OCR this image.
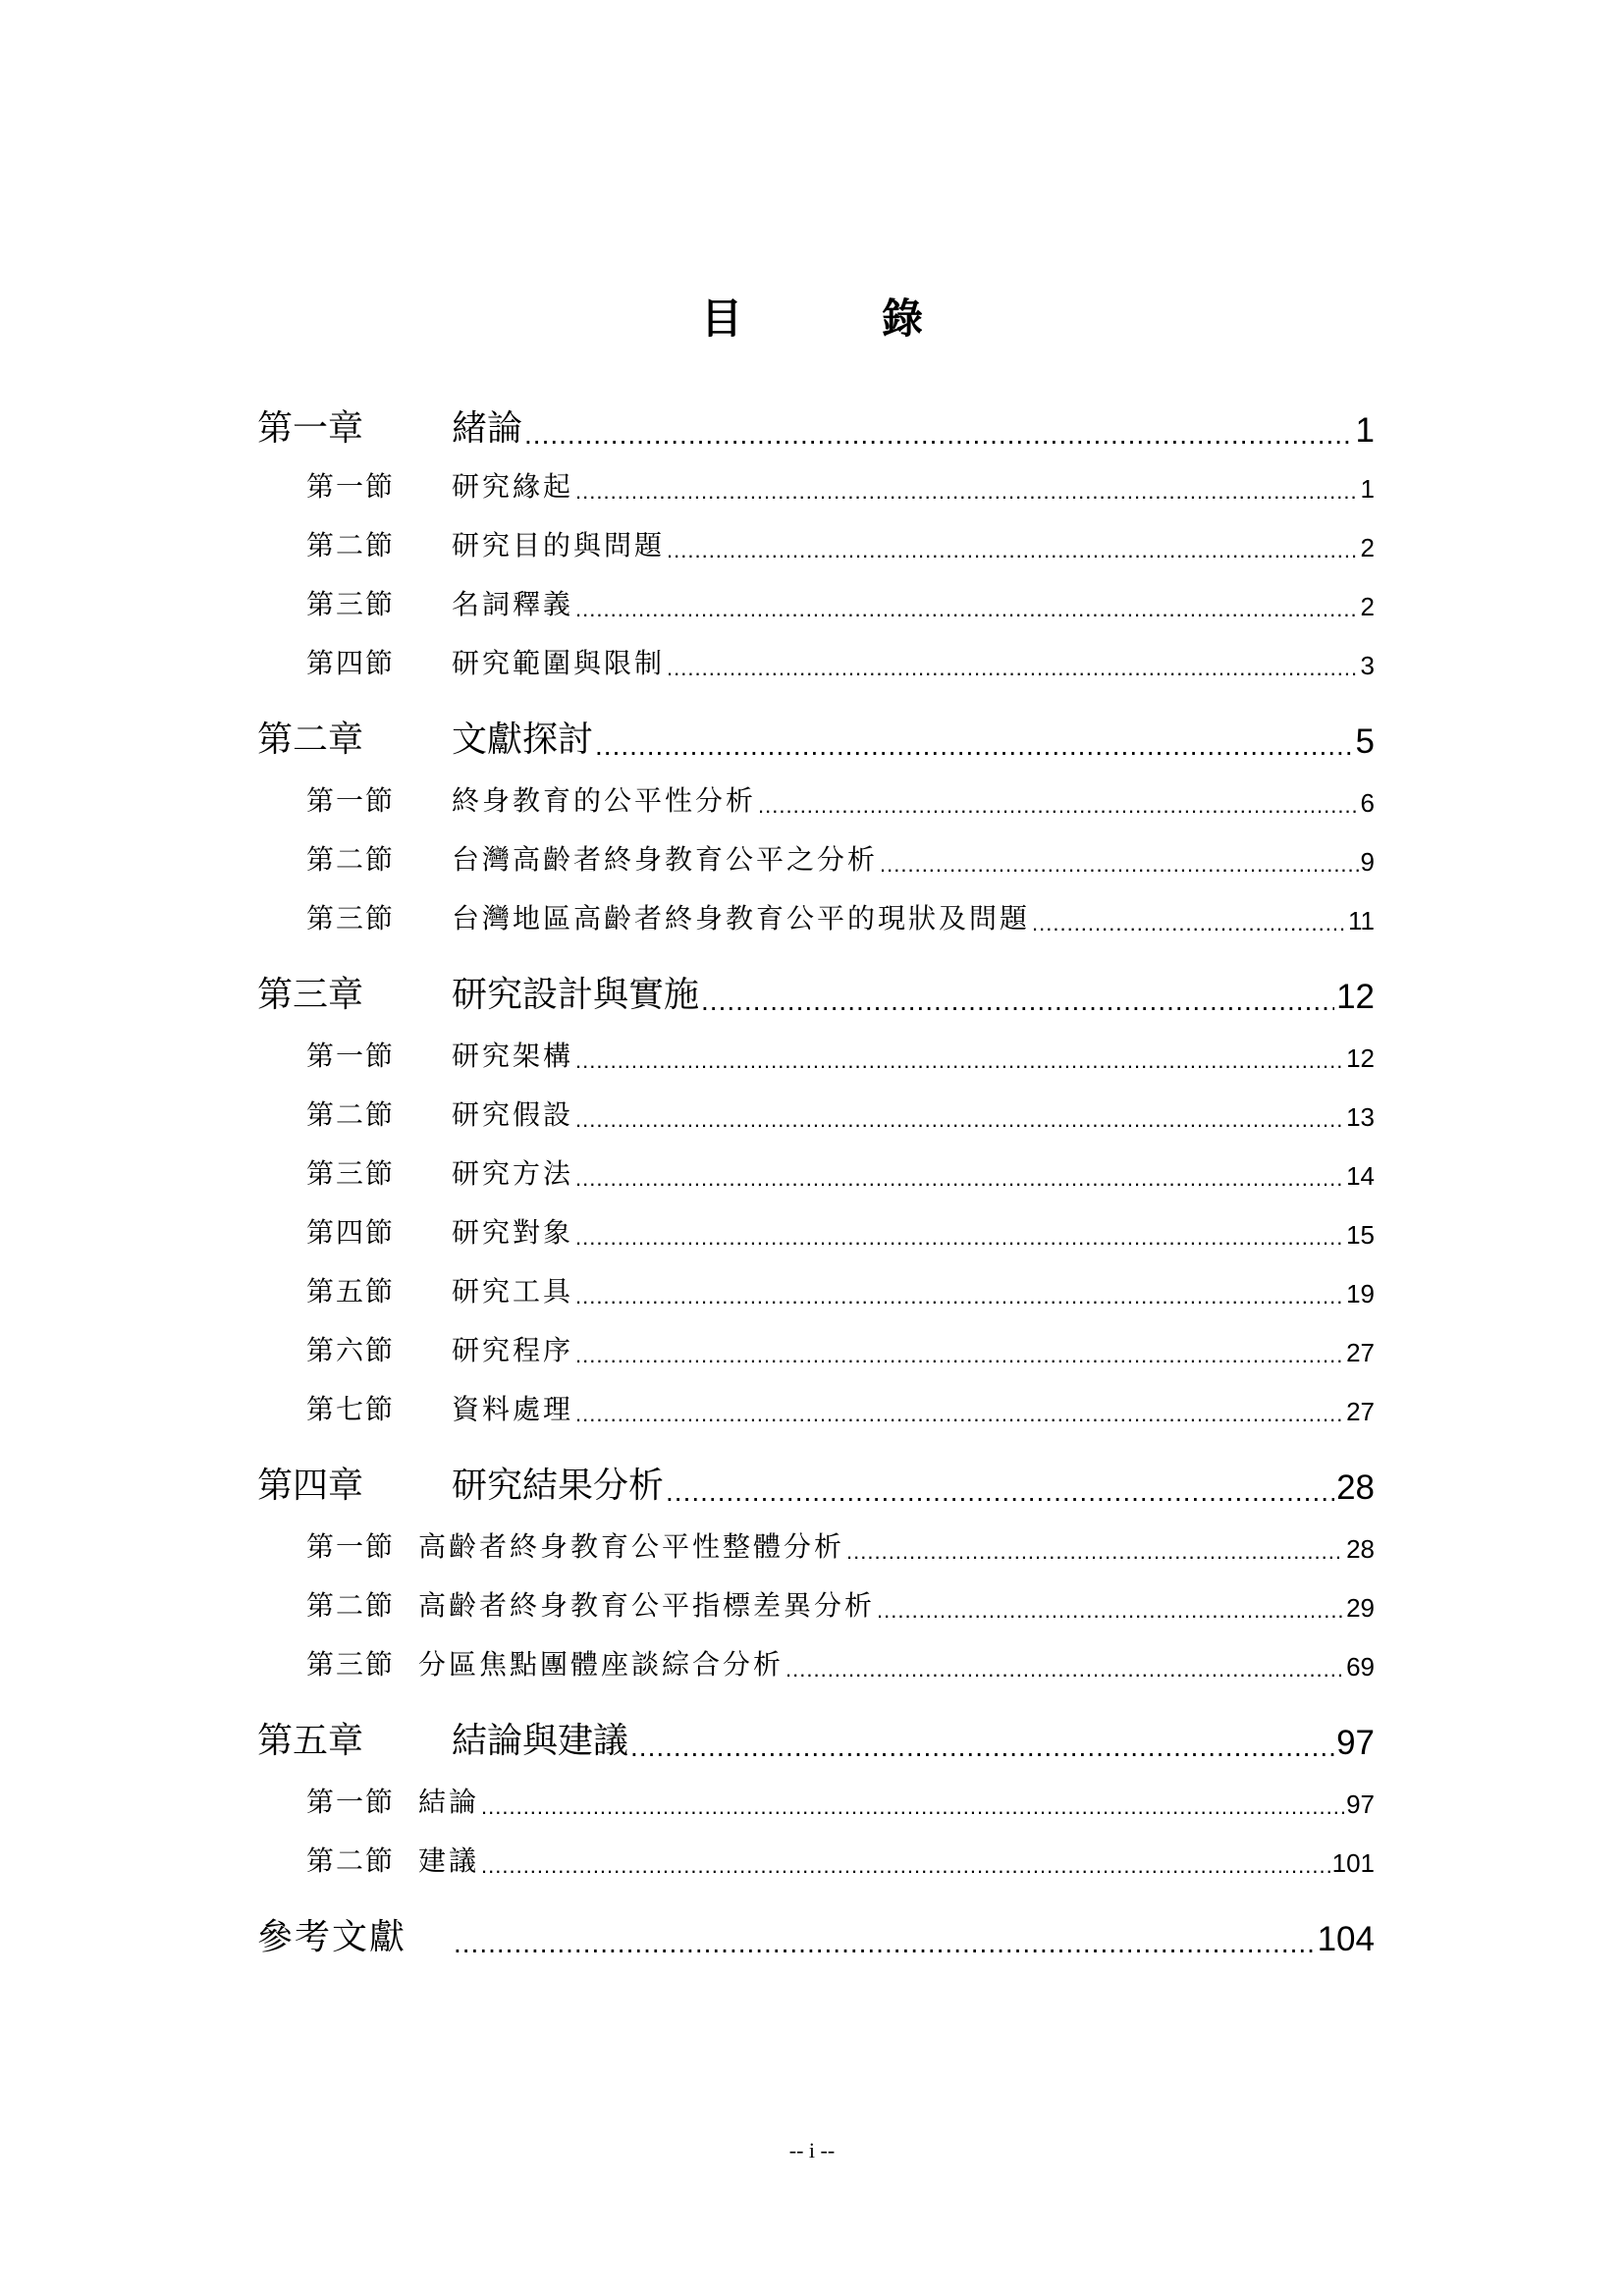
目　錄
第一章	緒論 .....	1
第一節	研究緣起 .....	1
第二節	研究目的與問題 .....	2
第三節	名詞釋義 .....	2
第四節	研究範圍與限制 .....	3
第二章	文獻探討 .....	5
第一節	終身教育的公平性分析 .....	6
第二節	台灣高齡者終身教育公平之分析 .....	9
第三節	台灣地區高齡者終身教育公平的現狀及問題 .....	11
第三章	研究設計與實施 .....	12
第一節	研究架構 .....	12
第二節	研究假設 .....	13
第三節	研究方法 .....	14
第四節	研究對象 .....	15
第五節	研究工具 .....	19
第六節	研究程序 .....	27
第七節	資料處理 .....	27
第四章	研究結果分析 .....	28
第一節 高齡者終身教育公平性整體分析 .....	28
第二節 高齡者終身教育公平指標差異分析 .....	29
第三節 分區焦點團體座談綜合分析 .....	69
第五章	結論與建議 .....	97
第一節 結論 .....	97
第二節 建議 .....	101
參考文獻 .....	104
-- i --
